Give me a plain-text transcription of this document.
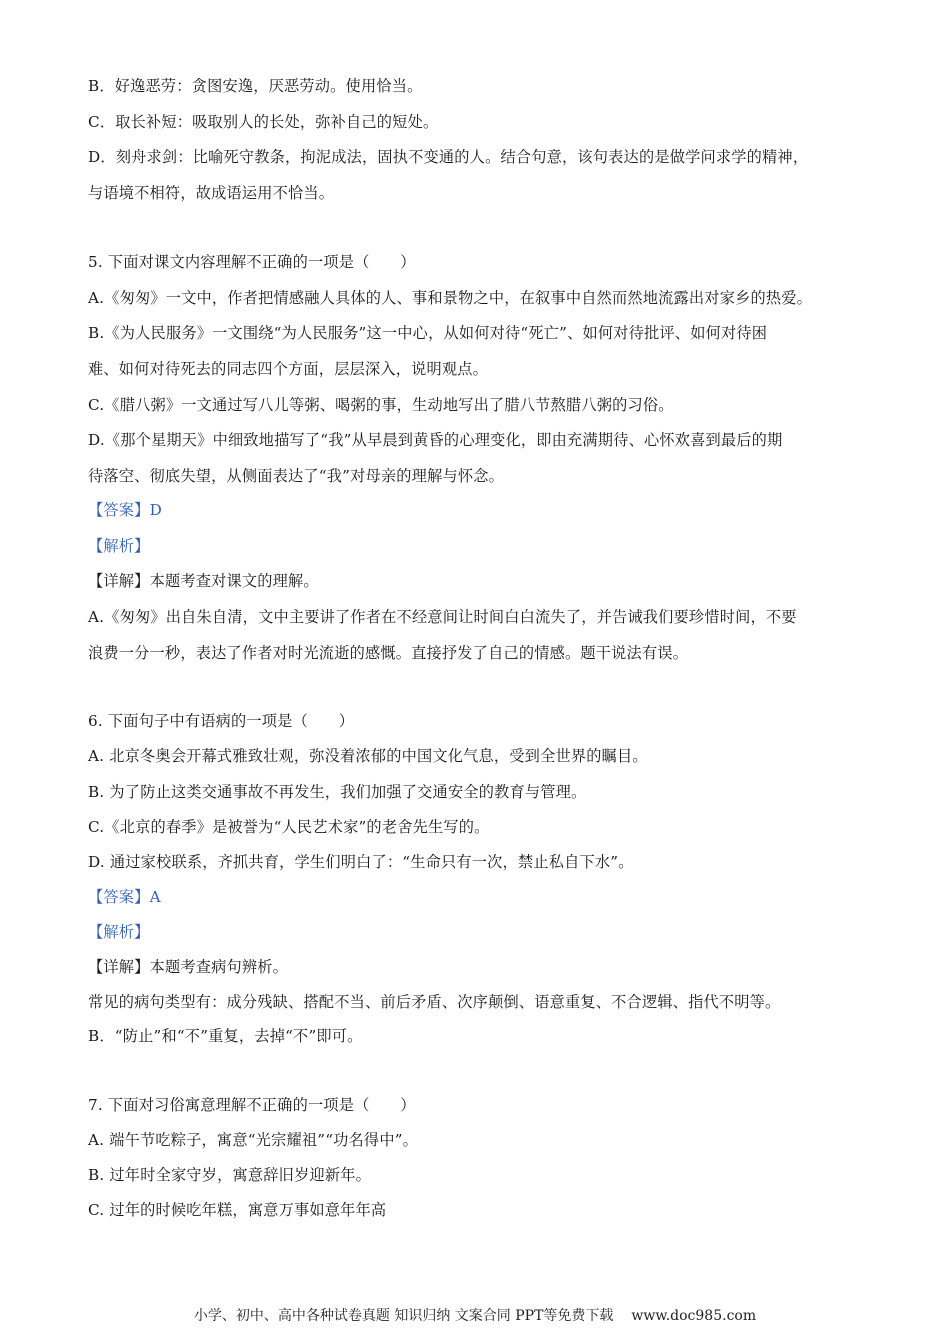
B．好逸恶劳：贪图安逸，厌恶劳动。使用恰当。
C．取长补短：吸取别人的长处，弥补自己的短处。
D．刻舟求剑：比喻死守教条，拘泥成法，固执不变通的人。结合句意，该句表达的是做学问求学的精神，
与语境不相符，故成语运用不恰当。
5. 下面对课文内容理解不正确的一项是（　　）
A.《匆匆》一文中，作者把情感融人具体的人、事和景物之中，在叙事中自然而然地流露出对家乡的热爱。
B.《为人民服务》一文围绕“为人民服务”这一中心，从如何对待“死亡”、如何对待批评、如何对待困
难、如何对待死去的同志四个方面，层层深入，说明观点。
C.《腊八粥》一文通过写八儿等粥、喝粥的事，生动地写出了腊八节熬腊八粥的习俗。
D.《那个星期天》中细致地描写了“我”从早晨到黄昏的心理变化，即由充满期待、心怀欢喜到最后的期
待落空、彻底失望，从侧面表达了“我”对母亲的理解与怀念。
【答案】D
【解析】
【详解】本题考查对课文的理解。
A.《匆匆》出自朱自清，文中主要讲了作者在不经意间让时间白白流失了，并告诫我们要珍惜时间，不要
浪费一分一秒，表达了作者对时光流逝的感慨。直接抒发了自己的情感。题干说法有误。
6. 下面句子中有语病的一项是（　　）
A. 北京冬奥会开幕式雅致壮观，弥没着浓郁的中国文化气息，受到全世界的瞩目。
B. 为了防止这类交通事故不再发生，我们加强了交通安全的教育与管理。
C.《北京的春季》是被誉为“人民艺术家”的老舍先生写的。
D. 通过家校联系，齐抓共育，学生们明白了：“生命只有一次，禁止私自下水”。
【答案】A
【解析】
【详解】本题考查病句辨析。
常见的病句类型有：成分残缺、搭配不当、前后矛盾、次序颠倒、语意重复、不合逻辑、指代不明等。
B．“防止”和“不”重复，去掉“不”即可。
7. 下面对习俗寓意理解不正确的一项是（　　）
A. 端午节吃粽子，寓意“光宗耀祖”“功名得中”。
B. 过年时全家守岁，寓意辞旧岁迎新年。
C. 过年的时候吃年糕，寓意万事如意年年高
小学、初中、高中各种试卷真题 知识归纳 文案合同 PPT等免费下载 www.doc985.com
